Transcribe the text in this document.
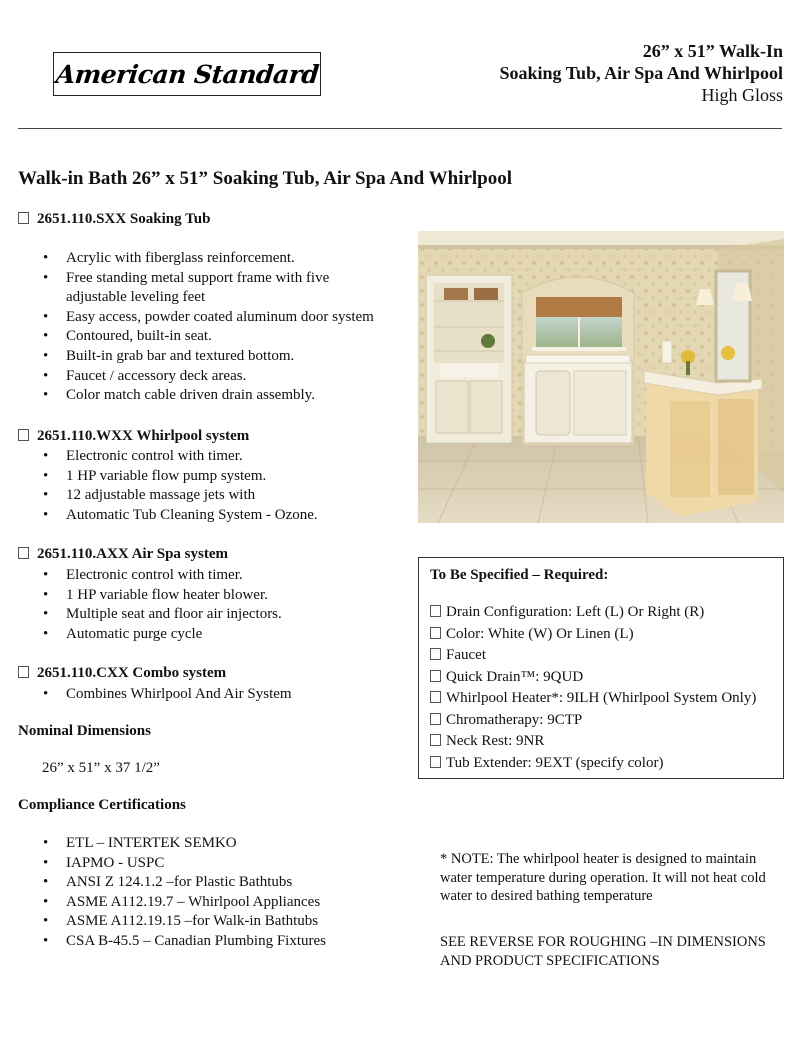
American Standard
26” x 51” Walk-In
Soaking Tub, Air Spa And Whirlpool
High Gloss
Walk-in Bath 26” x 51” Soaking Tub, Air Spa And Whirlpool
2651.110.SXX Soaking Tub
• Acrylic with fiberglass reinforcement.
• Free standing metal support frame with five adjustable leveling feet
• Easy access, powder coated aluminum door system
• Contoured, built-in seat.
• Built-in grab bar and textured bottom.
• Faucet / accessory deck areas.
• Color match cable driven drain assembly.
2651.110.WXX Whirlpool system
• Electronic control with timer.
• 1 HP variable flow pump system.
• 12 adjustable massage jets with
• Automatic Tub Cleaning System - Ozone.
2651.110.AXX Air Spa system
• Electronic control with timer.
• 1 HP variable flow heater blower.
• Multiple seat and floor air injectors.
• Automatic purge cycle
2651.110.CXX Combo system
• Combines Whirlpool And Air System
Nominal Dimensions
26” x 51” x 37 1/2”
Compliance Certifications
• ETL – INTERTEK SEMKO
• IAPMO - USPC
• ANSI Z 124.1.2 –for Plastic Bathtubs
• ASME A112.19.7 – Whirlpool Appliances
• ASME A112.19.15 –for Walk-in Bathtubs
• CSA B-45.5 – Canadian Plumbing Fixtures
To Be Specified – Required:
Drain Configuration: Left (L) Or Right (R)
Color: White (W) Or Linen (L)
Faucet
Quick Drain™: 9QUD
Whirlpool Heater*: 9ILH (Whirlpool System Only)
Chromatherapy: 9CTP
Neck Rest: 9NR
Tub Extender: 9EXT (specify color)
* NOTE: The whirlpool heater is designed to maintain water temperature during operation. It will not heat cold water to desired bathing temperature
SEE REVERSE FOR ROUGHING –IN DIMENSIONS AND PRODUCT SPECIFICATIONS
